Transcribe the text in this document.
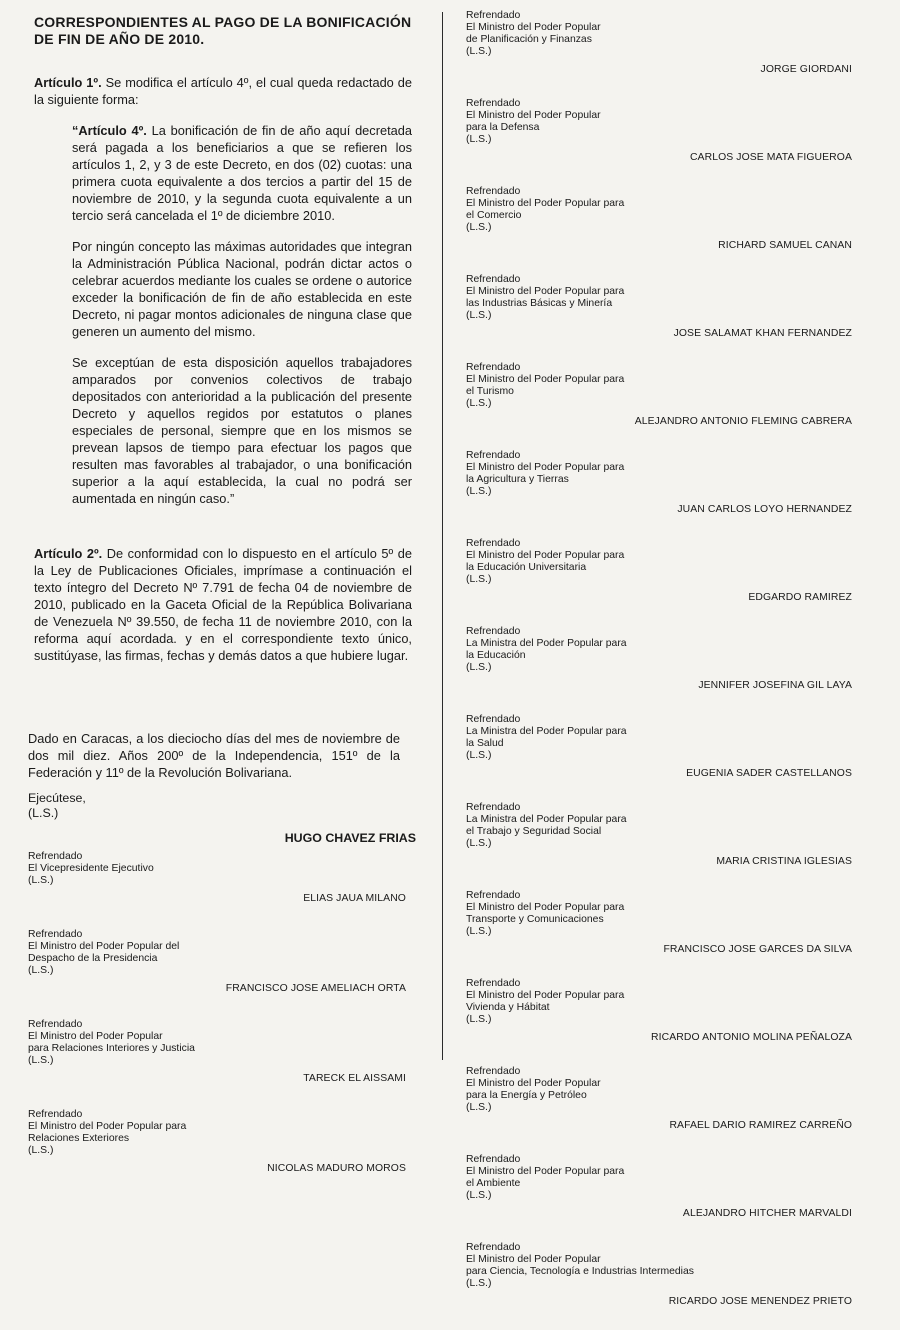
CORRESPONDIENTES AL PAGO DE LA BONIFICACIÓN DE FIN DE AÑO DE 2010.

Artículo 1º. Se modifica el artículo 4º, el cual queda redactado de la siguiente forma:

“Artículo 4º. La bonificación de fin de año aquí decretada será pagada a los beneficiarios a que se refieren los artículos 1, 2, y 3 de este Decreto, en dos (02) cuotas: una primera cuota equivalente a dos tercios a partir del 15 de noviembre de 2010, y la segunda cuota equivalente a un tercio será cancelada el 1º de diciembre 2010.

Por ningún concepto las máximas autoridades que integran la Administración Pública Nacional, podrán dictar actos o celebrar acuerdos mediante los cuales se ordene o autorice exceder la bonificación de fin de año establecida en este Decreto, ni pagar montos adicionales de ninguna clase que generen un aumento del mismo.

Se exceptúan de esta disposición aquellos trabajadores amparados por convenios colectivos de trabajo depositados con anterioridad a la publicación del presente Decreto y aquellos regidos por estatutos o planes especiales de personal, siempre que en los mismos se prevean lapsos de tiempo para efectuar los pagos que resulten mas favorables al trabajador, o una bonificación superior a la aquí establecida, la cual no podrá ser aumentada en ningún caso.”

Artículo 2º. De conformidad con lo dispuesto en el artículo 5º de la Ley de Publicaciones Oficiales, imprímase a continuación el texto íntegro del Decreto Nº 7.791 de fecha 04 de noviembre de 2010, publicado en la Gaceta Oficial de la República Bolivariana de Venezuela Nº 39.550, de fecha 11 de noviembre 2010, con la reforma aquí acordada. y en el correspondiente texto único, sustitúyase, las firmas, fechas y demás datos a que hubiere lugar.

Dado en Caracas, a los dieciocho días del mes de noviembre de dos mil diez. Años 200º de la Independencia, 151º de la Federación y 11º de la Revolución Bolivariana.

Ejecútese,
(L.S.)
HUGO CHAVEZ FRIAS
Refrendado
El Vicepresidente Ejecutivo
(L.S.)
ELIAS JAUA MILANO
Refrendado
El Ministro del Poder Popular del
Despacho de la Presidencia
(L.S.)
FRANCISCO JOSE AMELIACH ORTA
Refrendado
El Ministro del Poder Popular
para Relaciones Interiores y Justicia
(L.S.)
TARECK EL AISSAMI
Refrendado
El Ministro del Poder Popular para
Relaciones Exteriores
(L.S.)
NICOLAS MADURO MOROS
Refrendado
El Ministro del Poder Popular
de Planificación y Finanzas
(L.S.)
JORGE GIORDANI
Refrendado
El Ministro del Poder Popular
para la Defensa
(L.S.)
CARLOS JOSE MATA FIGUEROA
Refrendado
El Ministro del Poder Popular para
el Comercio
(L.S.)
RICHARD SAMUEL CANAN
Refrendado
El Ministro del Poder Popular para
las Industrias Básicas y Minería
(L.S.)
JOSE SALAMAT KHAN FERNANDEZ
Refrendado
El Ministro del Poder Popular para
el Turismo
(L.S.)
ALEJANDRO ANTONIO FLEMING CABRERA
Refrendado
El Ministro del Poder Popular para
la Agricultura y Tierras
(L.S.)
JUAN CARLOS LOYO HERNANDEZ
Refrendado
El Ministro del Poder Popular para
la Educación Universitaria
(L.S.)
EDGARDO RAMIREZ
Refrendado
La Ministra del Poder Popular para
la Educación
(L.S.)
JENNIFER JOSEFINA GIL LAYA
Refrendado
La Ministra del Poder Popular para
la Salud
(L.S.)
EUGENIA SADER CASTELLANOS
Refrendado
La Ministra del Poder Popular para
el Trabajo y Seguridad Social
(L.S.)
MARIA CRISTINA IGLESIAS
Refrendado
El Ministro del Poder Popular para
Transporte y Comunicaciones
(L.S.)
FRANCISCO JOSE GARCES DA SILVA
Refrendado
El Ministro del Poder Popular para
Vivienda y Hábitat
(L.S.)
RICARDO ANTONIO MOLINA PEÑALOZA
Refrendado
El Ministro del Poder Popular
para la Energía y Petróleo
(L.S.)
RAFAEL DARIO RAMIREZ CARREÑO
Refrendado
El Ministro del Poder Popular para
el Ambiente
(L.S.)
ALEJANDRO HITCHER MARVALDI
Refrendado
El Ministro del Poder Popular
para Ciencia, Tecnología e Industrias Intermedias
(L.S.)
RICARDO JOSE MENENDEZ PRIETO
